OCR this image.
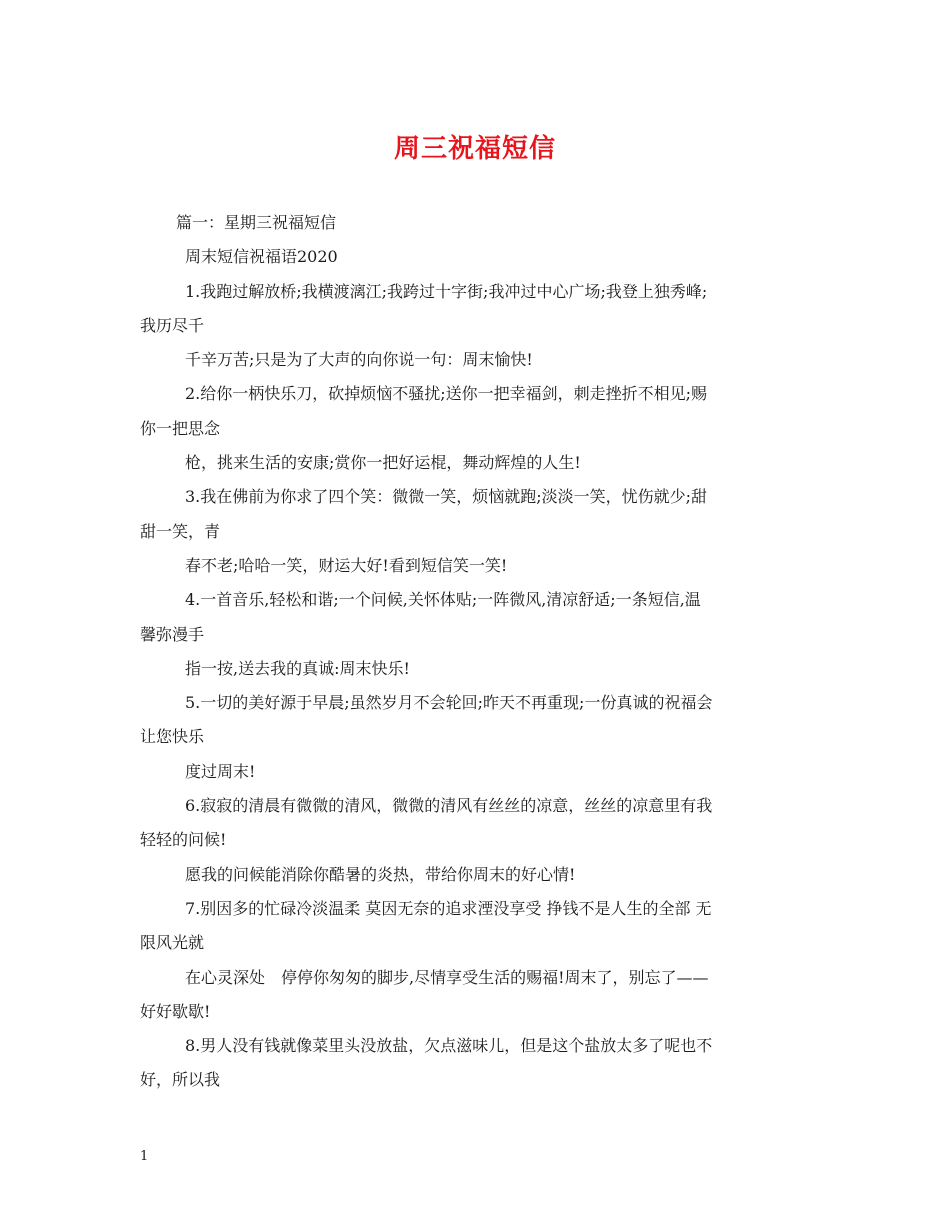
周三祝福短信
篇一：星期三祝福短信
周末短信祝福语2020
1.我跑过解放桥;我横渡漓江;我跨过十字街;我冲过中心广场;我登上独秀峰;
我历尽千
千辛万苦;只是为了大声的向你说一句：周末愉快!
2.给你一柄快乐刀，砍掉烦恼不骚扰;送你一把幸福剑，刺走挫折不相见;赐
你一把思念
枪，挑来生活的安康;赏你一把好运棍，舞动辉煌的人生!
3.我在佛前为你求了四个笑：微微一笑，烦恼就跑;淡淡一笑，忧伤就少;甜
甜一笑，青
春不老;哈哈一笑，财运大好!看到短信笑一笑!
4.一首音乐,轻松和谐;一个问候,关怀体贴;一阵微风,清凉舒适;一条短信,温
馨弥漫手
指一按,送去我的真诚:周末快乐!
5.一切的美好源于早晨;虽然岁月不会轮回;昨天不再重现;一份真诚的祝福会
让您快乐
度过周末!
6.寂寂的清晨有微微的清风，微微的清风有丝丝的凉意，丝丝的凉意里有我
轻轻的问候!
愿我的问候能消除你酷暑的炎热，带给你周末的好心情!
7.别因多的忙碌冷淡温柔 莫因无奈的追求湮没享受 挣钱不是人生的全部 无
限风光就
在心灵深处　停停你匆匆的脚步,尽情享受生活的赐福!周末了，别忘了——
好好歇歇!
8.男人没有钱就像菜里头没放盐，欠点滋味儿，但是这个盐放太多了呢也不
好，所以我
1
